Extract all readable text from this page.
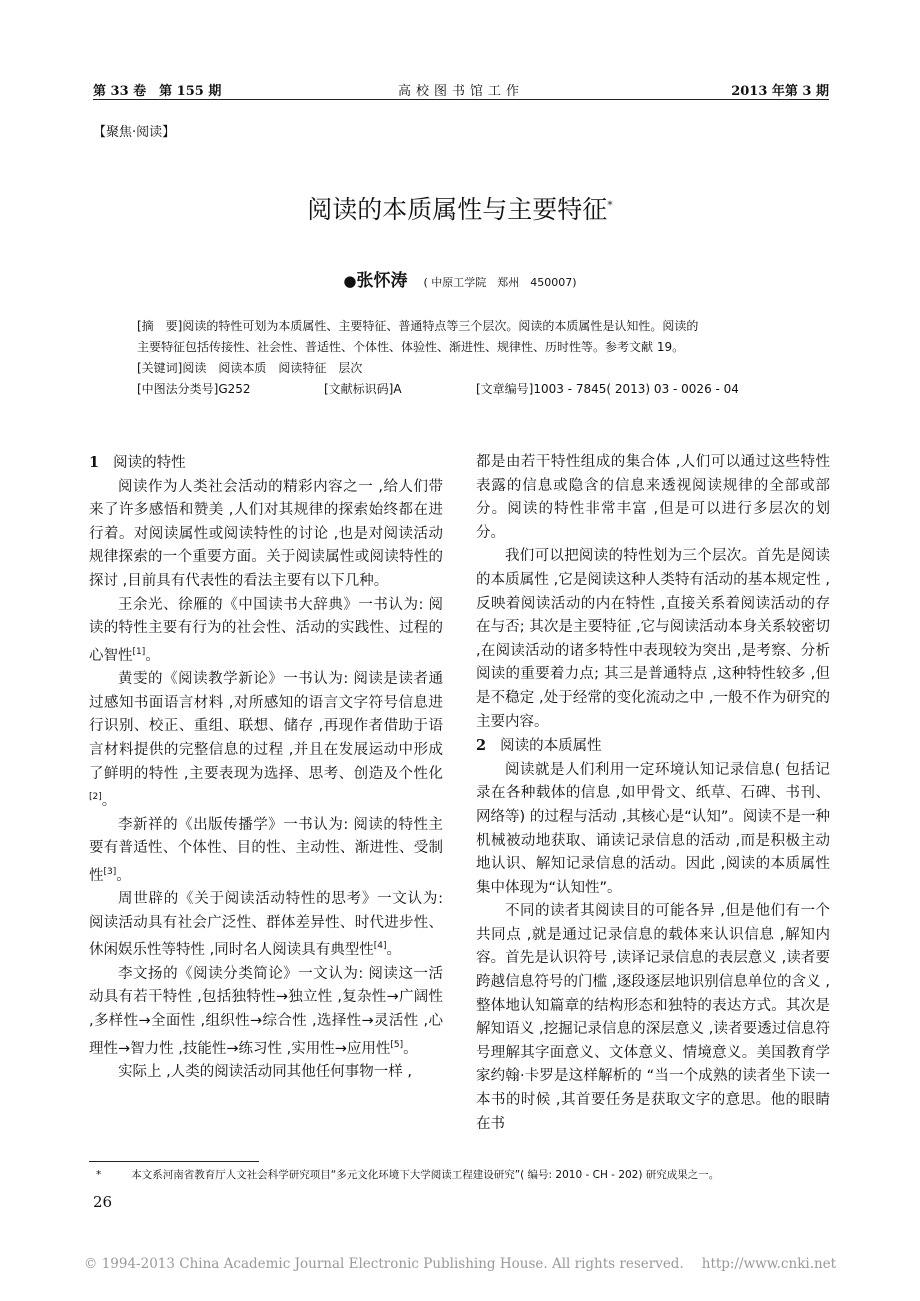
第 33 卷　第 155 期	高校图书馆工作	2013 年第 3 期
【聚焦·阅读】
阅读的本质属性与主要特征*
●张怀涛 ( 中原工学院　郑州　450007)
[摘　要]阅读的特性可划为本质属性、主要特征、普通特点等三个层次。阅读的本质属性是认知性。阅读的
主要特征包括传接性、社会性、普适性、个体性、体验性、渐进性、规律性、历时性等。参考文献 19。
[关键词]阅读　阅读本质　阅读特征　层次
[中图法分类号]G252	[文献标识码]A	[文章编号]1003 - 7845( 2013) 03 - 0026 - 04
1 阅读的特性

阅读作为人类社会活动的精彩内容之一 ,给人们带来了许多感悟和赞美 ,人们对其规律的探索始终都在进行着。对阅读属性或阅读特性的讨论 ,也是对阅读活动规律探索的一个重要方面。关于阅读属性或阅读特性的探讨 ,目前具有代表性的看法主要有以下几种。

王余光、徐雁的《中国读书大辞典》一书认为: 阅读的特性主要有行为的社会性、活动的实践性、过程的心智性[1]。

黄雯的《阅读教学新论》一书认为: 阅读是读者通过感知书面语言材料 ,对所感知的语言文字符号信息进行识别、校正、重组、联想、储存 ,再现作者借助于语言材料提供的完整信息的过程 ,并且在发展运动中形成了鲜明的特性 ,主要表现为选择、思考、创造及个性化[2]。

李新祥的《出版传播学》一书认为: 阅读的特性主要有普适性、个体性、目的性、主动性、渐进性、受制性[3]。

周世辟的《关于阅读活动特性的思考》一文认为: 阅读活动具有社会广泛性、群体差异性、时代进步性、休闲娱乐性等特性 ,同时名人阅读具有典型性[4]。

李文扬的《阅读分类简论》一文认为: 阅读这一活动具有若干特性 ,包括独特性→独立性 ,复杂性→广阔性 ,多样性→全面性 ,组织性→综合性 ,选择性→灵活性 ,心理性→智力性 ,技能性→练习性 ,实用性→应用性[5]。

实际上 ,人类的阅读活动同其他任何事物一样 ,

都是由若干特性组成的集合体 ,人们可以通过这些特性表露的信息或隐含的信息来透视阅读规律的全部或部分。阅读的特性非常丰富 ,但是可以进行多层次的划分。

我们可以把阅读的特性划为三个层次。首先是阅读的本质属性 ,它是阅读这种人类特有活动的基本规定性 ,反映着阅读活动的内在特性 ,直接关系着阅读活动的存在与否; 其次是主要特征 ,它与阅读活动本身关系较密切 ,在阅读活动的诸多特性中表现较为突出 ,是考察、分析阅读的重要着力点; 其三是普通特点 ,这种特性较多 ,但是不稳定 ,处于经常的变化流动之中 ,一般不作为研究的主要内容。

2 阅读的本质属性

阅读就是人们利用一定环境认知记录信息( 包括记录在各种载体的信息 ,如甲骨文、纸草、石碑、书刊、网络等) 的过程与活动 ,其核心是“认知”。阅读不是一种机械被动地获取、诵读记录信息的活动 ,而是积极主动地认识、解知记录信息的活动。因此 ,阅读的本质属性集中体现为“认知性”。

不同的读者其阅读目的可能各异 ,但是他们有一个共同点 ,就是通过记录信息的载体来认识信息 ,解知内容。首先是认识符号 ,读译记录信息的表层意义 ,读者要跨越信息符号的门槛 ,逐段逐层地识别信息单位的含义 ,整体地认知篇章的结构形态和独特的表达方式。其次是解知语义 ,挖掘记录信息的深层意义 ,读者要透过信息符号理解其字面意义、文体意义、情境意义。美国教育学家约翰·卡罗是这样解析的 “当一个成熟的读者坐下读一本书的时候 ,其首要任务是获取文字的意思。他的眼睛在书

*	本文系河南省教育厅人文社会科学研究项目“多元文化环境下大学阅读工程建设研究”( 编号: 2010 - CH - 202) 研究成果之一。
26
© 1994-2013 China Academic Journal Electronic Publishing House. All rights reserved. http://www.cnki.net
